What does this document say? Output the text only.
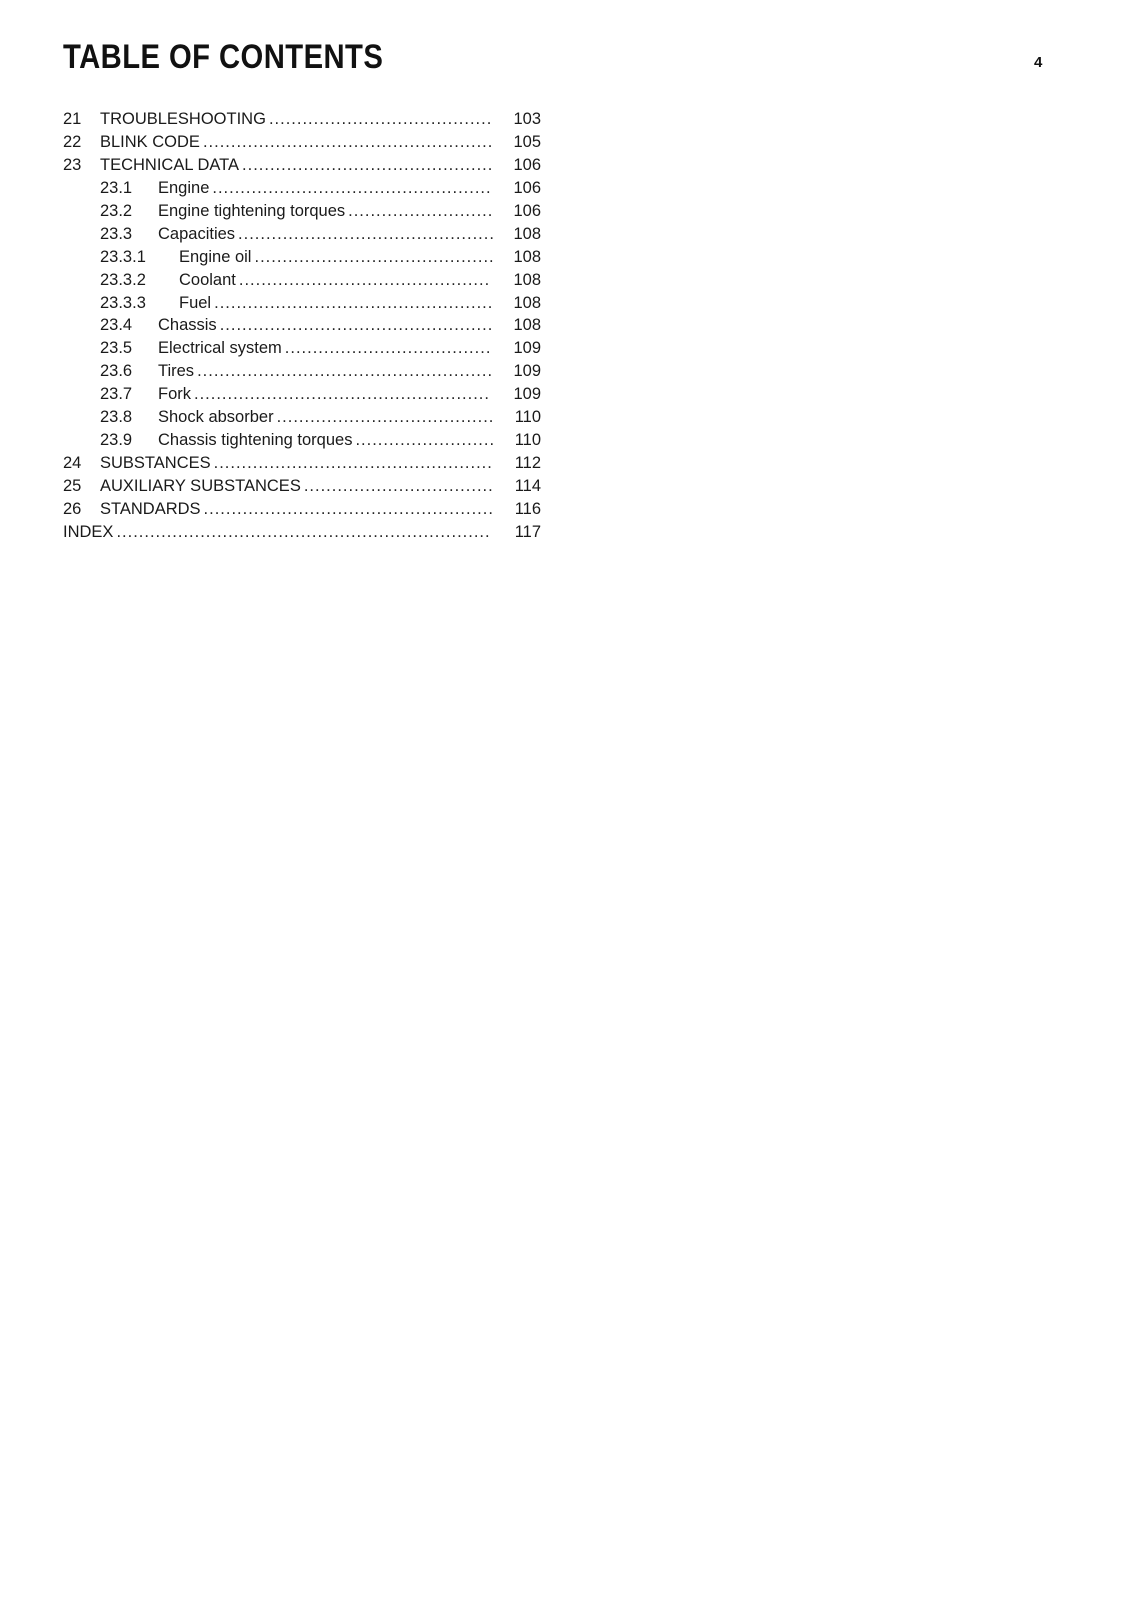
TABLE OF CONTENTS	4
21	TROUBLESHOOTING ........................................	103
22	BLINK CODE ....................................................	105
23	TECHNICAL DATA .............................................	106
23.1	Engine ..................................................	106
23.2	Engine tightening torques ..........................	106
23.3	Capacities ..............................................	108
23.3.1	Engine oil ...........................................	108
23.3.2	Coolant .............................................	108
23.3.3	Fuel ..................................................	108
23.4	Chassis .................................................	108
23.5	Electrical system .....................................	109
23.6	Tires .....................................................	109
23.7	Fork .....................................................	109
23.8	Shock absorber .......................................	110
23.9	Chassis tightening torques .........................	110
24	SUBSTANCES ..................................................	112
25	AUXILIARY SUBSTANCES ..................................	114
26	STANDARDS ....................................................	116
INDEX ...................................................................	117
